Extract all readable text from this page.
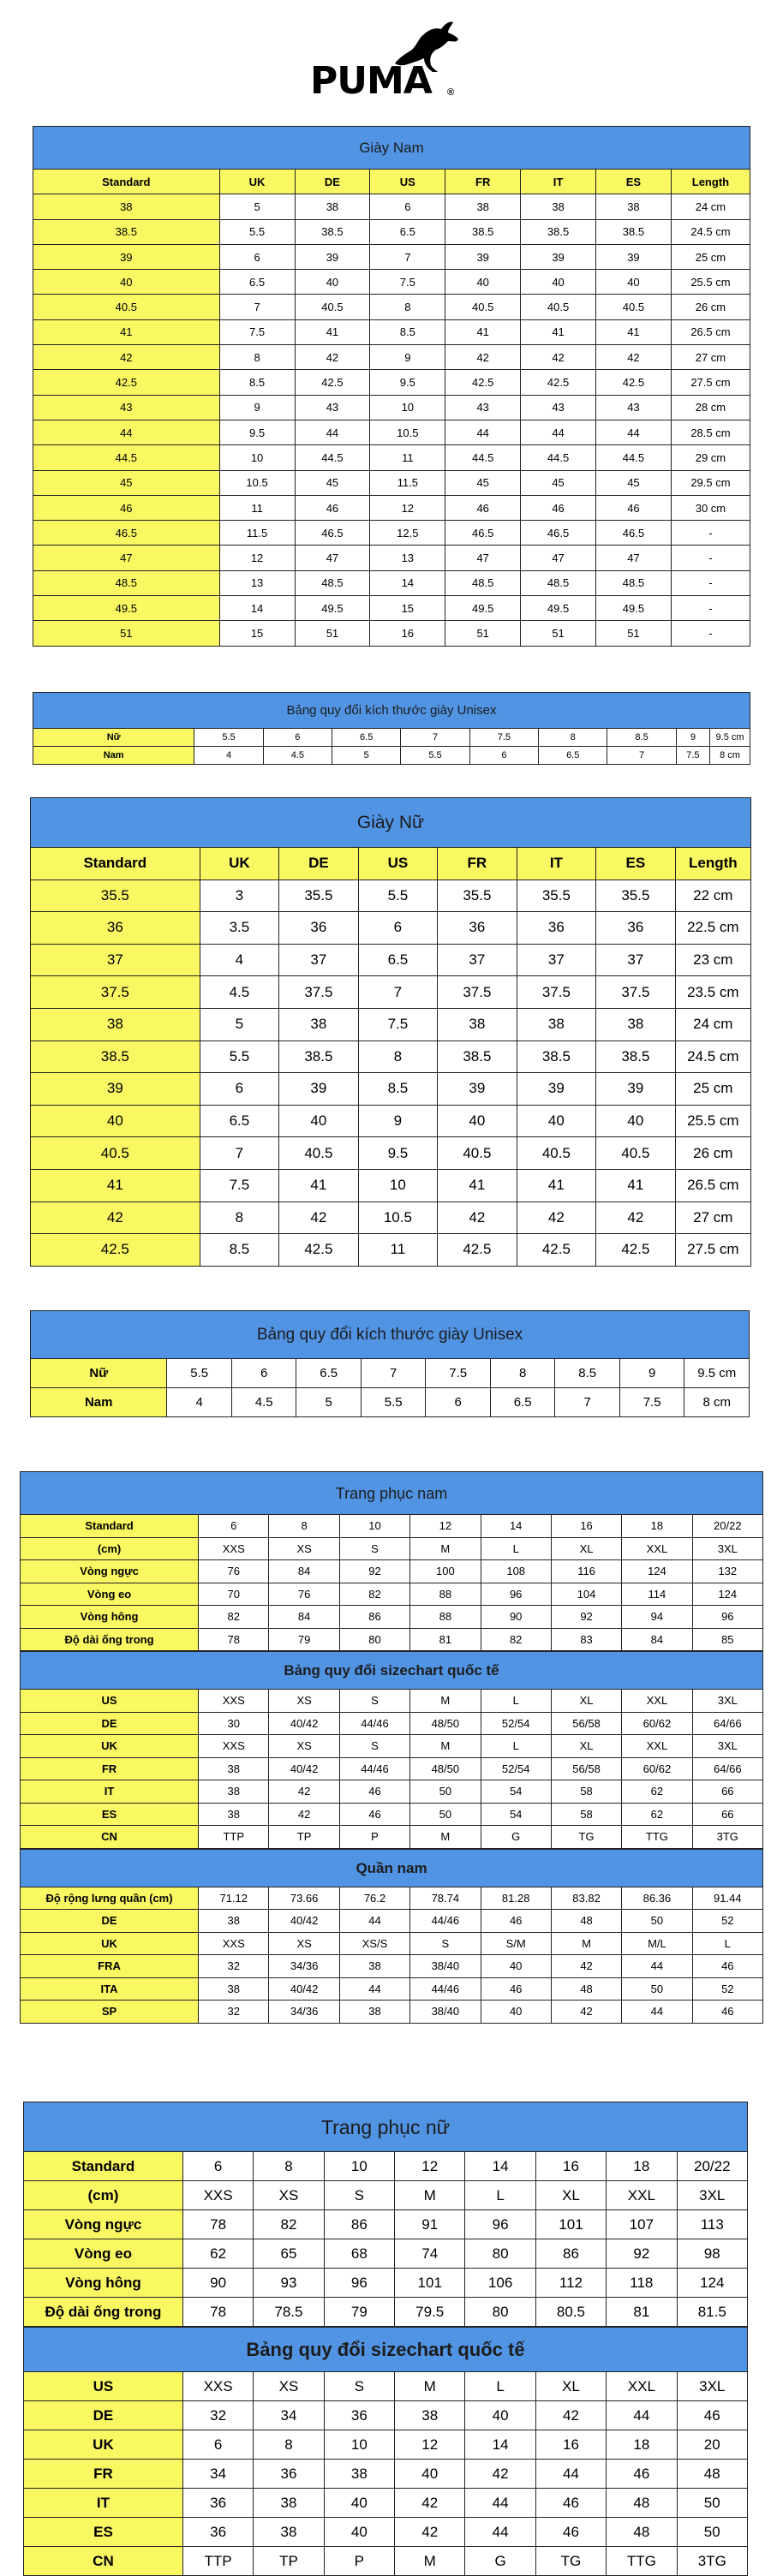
PUMA ®
Giày Nam
Standard	UK	DE	US	FR	IT	ES	Length
38	5	38	6	38	38	38	24 cm
38.5	5.5	38.5	6.5	38.5	38.5	38.5	24.5 cm
39	6	39	7	39	39	39	25 cm
40	6.5	40	7.5	40	40	40	25.5 cm
40.5	7	40.5	8	40.5	40.5	40.5	26 cm
41	7.5	41	8.5	41	41	41	26.5 cm
42	8	42	9	42	42	42	27 cm
42.5	8.5	42.5	9.5	42.5	42.5	42.5	27.5 cm
43	9	43	10	43	43	43	28 cm
44	9.5	44	10.5	44	44	44	28.5 cm
44.5	10	44.5	11	44.5	44.5	44.5	29 cm
45	10.5	45	11.5	45	45	45	29.5 cm
46	11	46	12	46	46	46	30 cm
46.5	11.5	46.5	12.5	46.5	46.5	46.5	-
47	12	47	13	47	47	47	-
48.5	13	48.5	14	48.5	48.5	48.5	-
49.5	14	49.5	15	49.5	49.5	49.5	-
51	15	51	16	51	51	51	-
Bảng quy đổi kích thước giày Unisex
Nữ	5.5	6	6.5	7	7.5	8	8.5	9	9.5 cm
Nam	4	4.5	5	5.5	6	6.5	7	7.5	8 cm
Giày Nữ
Standard	UK	DE	US	FR	IT	ES	Length
35.5	3	35.5	5.5	35.5	35.5	35.5	22 cm
36	3.5	36	6	36	36	36	22.5 cm
37	4	37	6.5	37	37	37	23 cm
37.5	4.5	37.5	7	37.5	37.5	37.5	23.5 cm
38	5	38	7.5	38	38	38	24 cm
38.5	5.5	38.5	8	38.5	38.5	38.5	24.5 cm
39	6	39	8.5	39	39	39	25 cm
40	6.5	40	9	40	40	40	25.5 cm
40.5	7	40.5	9.5	40.5	40.5	40.5	26 cm
41	7.5	41	10	41	41	41	26.5 cm
42	8	42	10.5	42	42	42	27 cm
42.5	8.5	42.5	11	42.5	42.5	42.5	27.5 cm
Bảng quy đổi kích thước giày Unisex
Nữ	5.5	6	6.5	7	7.5	8	8.5	9	9.5 cm
Nam	4	4.5	5	5.5	6	6.5	7	7.5	8 cm
Trang phục nam
Standard	6	8	10	12	14	16	18	20/22
(cm)	XXS	XS	S	M	L	XL	XXL	3XL
Vòng ngực	76	84	92	100	108	116	124	132
Vòng eo	70	76	82	88	96	104	114	124
Vòng hông	82	84	86	88	90	92	94	96
Độ dài ống trong	78	79	80	81	82	83	84	85
Bảng quy đổi sizechart quốc tế
US	XXS	XS	S	M	L	XL	XXL	3XL
DE	30	40/42	44/46	48/50	52/54	56/58	60/62	64/66
UK	XXS	XS	S	M	L	XL	XXL	3XL
FR	38	40/42	44/46	48/50	52/54	56/58	60/62	64/66
IT	38	42	46	50	54	58	62	66
ES	38	42	46	50	54	58	62	66
CN	TTP	TP	P	M	G	TG	TTG	3TG
Quần nam
Độ rộng lưng quần (cm)	71.12	73.66	76.2	78.74	81.28	83.82	86.36	91.44
DE	38	40/42	44	44/46	46	48	50	52
UK	XXS	XS	XS/S	S	S/M	M	M/L	L
FRA	32	34/36	38	38/40	40	42	44	46
ITA	38	40/42	44	44/46	46	48	50	52
SP	32	34/36	38	38/40	40	42	44	46
Trang phục nữ
Standard	6	8	10	12	14	16	18	20/22
(cm)	XXS	XS	S	M	L	XL	XXL	3XL
Vòng ngực	78	82	86	91	96	101	107	113
Vòng eo	62	65	68	74	80	86	92	98
Vòng hông	90	93	96	101	106	112	118	124
Độ dài ống trong	78	78.5	79	79.5	80	80.5	81	81.5
Bảng quy đổi sizechart quốc tế
US	XXS	XS	S	M	L	XL	XXL	3XL
DE	32	34	36	38	40	42	44	46
UK	6	8	10	12	14	16	18	20
FR	34	36	38	40	42	44	46	48
IT	36	38	40	42	44	46	48	50
ES	36	38	40	42	44	46	48	50
CN	TTP	TP	P	M	G	TG	TTG	3TG
